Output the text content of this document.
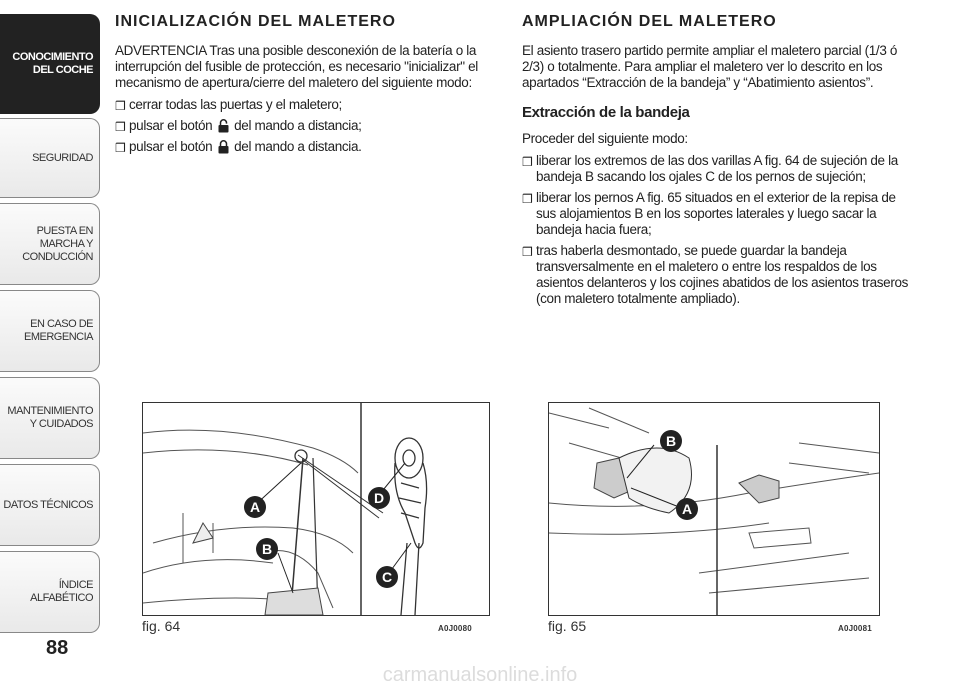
CONOCIMIENTO DEL COCHE
SEGURIDAD
PUESTA EN MARCHA Y CONDUCCIÓN
EN CASO DE EMERGENCIA
MANTENIMIENTO Y CUIDADOS
DATOS TÉCNICOS
ÍNDICE ALFABÉTICO
88
INICIALIZACIÓN DEL MALETERO

ADVERTENCIA Tras una posible desconexión de la batería o la interrupción del fusible de protección, es necesario "inicializar" el mecanismo de apertura/cierre del maletero del siguiente modo:

❒ cerrar todas las puertas y el maletero;
❒ pulsar el botón del mando a distancia;
❒ pulsar el botón del mando a distancia.
AMPLIACIÓN DEL MALETERO

El asiento trasero partido permite ampliar el maletero parcial (1/3 ó 2/3) o totalmente. Para ampliar el maletero ver lo descrito en los apartados “Extracción de la bandeja” y “Abatimiento asientos”.

Extracción de la bandeja

Proceder del siguiente modo:

❒ liberar los extremos de las dos varillas A fig. 64 de sujeción de la bandeja B sacando los ojales C de los pernos de sujeción;
❒ liberar los pernos A fig. 65 situados en el exterior de la repisa de sus alojamientos B en los soportes laterales y luego sacar la bandeja hacia fuera;
❒ tras haberla desmontado, se puede guardar la bandeja transversalmente en el maletero o entre los respaldos de los asientos delanteros y los cojines abatidos de los asientos traseros (con maletero totalmente ampliado).
A
B
C
D
fig. 64	A0J0080
A
B
fig. 65	A0J0081
carmanualsonline.info
